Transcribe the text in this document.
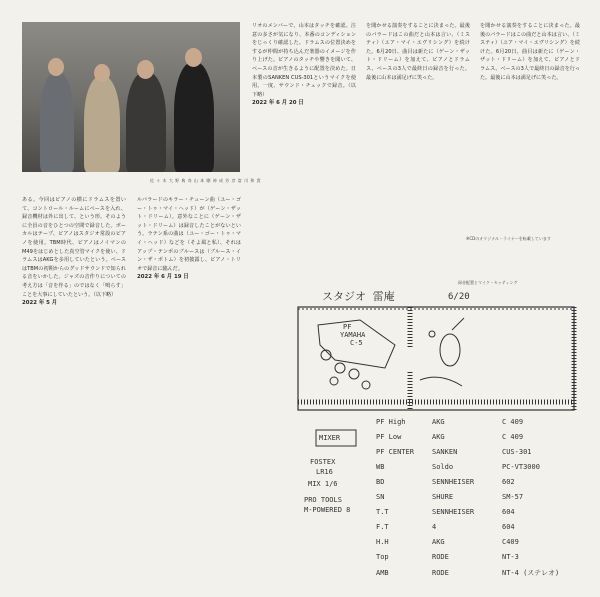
佐 々 木 大 野 典 寿 山 本 剛 神 成 芳 彦 富 川 和 貴

ある。今回はピアノの横にドラムスを置いて、コントロール・ルームにベースを入れ、録音機材は外に出して、という形。そのように全員の音をひとつの空間で録音した。ボーカルはテープ、ピアノはスタジオ常設のピアノを使用。TBM時代、ピアノはノイマンのM49をはじめとした真空管マイクを使い、ドラムスはAKGを多用していたという。ベースはTBMの初期からのグッドサウンドで知られる音をいかした。ジャズの音作りについての考え方は「音を作る」のではなく「鳴らす」ことを大事にしていたという。（以下略）

2022 年 5 月

ルバラードのキラー・チューン曲（ユー・ゴー・トゥ・マイ・ヘッド）が（ゲーン・ザット・ドリーム）。意外なことに（ゲーン・ザット・ドリーム）は録音したことがないという。ラテン系の曲は（ユー・ゴー・トゥ・マイ・ヘッド）などを（そよ風と私）、それはアップ・テンポのブルースは（ブルース・イン・ザ・ボトム）を初披露し、ピアノ・トリオで録音に臨んだ。

2022 年 6 月 19 日

リオのメンバーで、山本はタッチを確認。注意の多さが気になり、本番のコンディションをじっくり確認した。ドラムスの位置決めをするが仲間が持ち込んだ楽器のイメージを作り上げた。ピアノのタッチや響きを聞いて、ベースの音が生きるように配置を決めた。日本製のSANKEN CUS-301というマイクを使用。一度、サウンド・チェックで録音。（以下略）

2022 年 6 月 20 日

を聞かせる演奏をすることに決まった。最後のバラードはこの曲だと山本は言い、（ミスティ）（ユア・マイ・エヴリシング）を続けた。6月20日、曲目は新たに（ゲーン・ザット・ドリーム）を加えて、ピアノとドラムス、ベースの3人で最終日の録音を行った。最後に山本は満足げに笑った。

を聞かせる演奏をすることに決まった。最後のバラードはこの曲だと山本は言い、（ミスティ）（ユア・マイ・エヴリシング）を続けた。6月20日、曲目は新たに（ゲーン・ザット・ドリーム）を加えて、ピアノとドラムス、ベースの3人で最終日の録音を行った。最後に山本は満足げに笑った。

※CDのオリジナル・ライナーを転載しています
録音配置とマイク・セッティング
スタジオ 雷庵	6/20
PF
YAMAHA
C-5
MIXER
FOSTEX
LR16
MIX 1/6
PRO TOOLS
M-POWERED 8
PF High	AKG	C 409
PF Low	AKG	C 409
PF CENTER	SANKEN	CUS-301
WB	Soldo	PC-VT3000
BD	SENNHEISER	602
SN	SHURE	SM-57
T.T	SENNHEISER	604
F.T	4	604
H.H	AKG	C409
Top	RODE	NT-3
AMB	RODE	NT-4 (ステレオ)
